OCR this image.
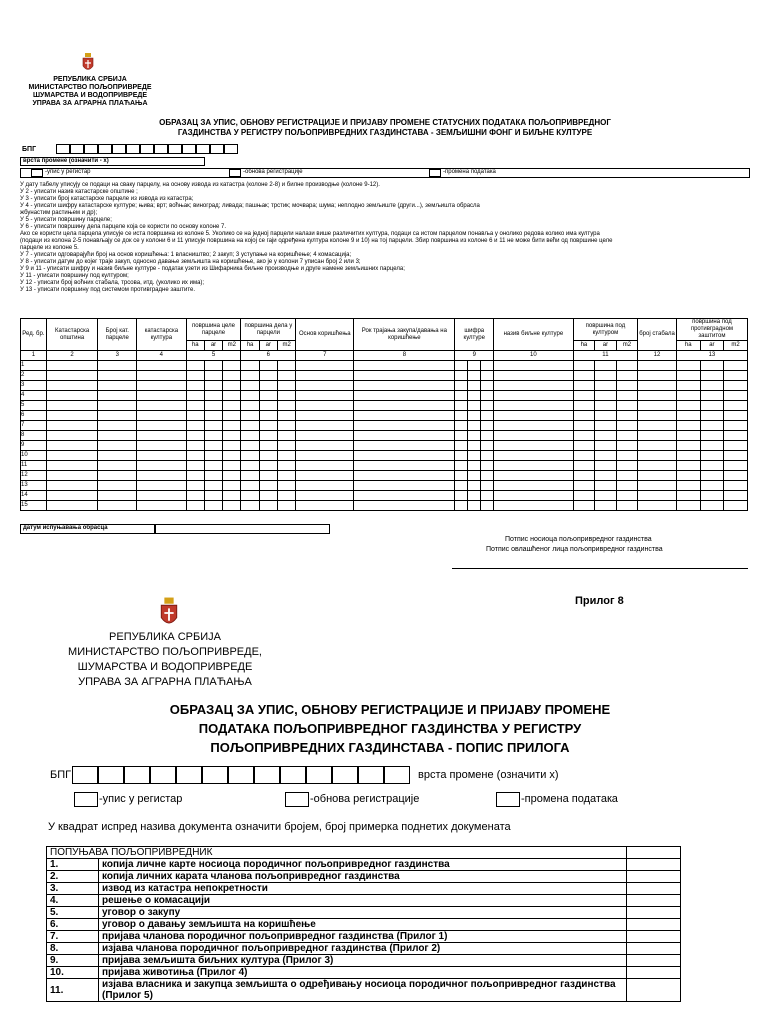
РЕПУБЛИКА СРБИЈА
МИНИСТАРСТВО ПОЉОПРИВРЕДЕ
ШУМАРСТВА И ВОДОПРИВРЕДЕ
УПРАВА ЗА АГРАРНА ПЛАЋАЊА
ОБРАЗАЦ ЗА УПИС, ОБНОВУ РЕГИСТРАЦИЈЕ И ПРИЈАВУ ПРОМЕНЕ СТАТУСНИХ ПОДАТАКА ПОЉОПРИВРЕДНОГ
ГАЗДИНСТВА У РЕГИСТРУ ПОЉОПРИВРЕДНИХ ГАЗДИНСТАВА - ЗЕМЉИШНИ ФОНГ И БИЉНЕ КУЛТУРЕ
БПГ
врста промене (означити - х)
-упис у регистар	-обнова регистрације	-промена податакa
У дату табелу уписују се подаци на сваку парцелу, на основу извода из катастра (колоне 2-8) и билне производње (колоне 9-12).
У 2 - уписати назив катастарске општине ;
У 3 - уписати број катастарске парцеле из извода из катастра;
У 4 - уписати шифру катастарске културе; њива; врт; воћњак; виноград; ливада; пашњак; трстик; мочвара; шума; неплодно земљиште (други...), земљишта обрасла
жбунастим растињем и др);
У 5 - уписати површину парцеле;
У 6 - уписати површину дела парцеле која се користи по основу колоне 7.
Ако се користи цела парцела уписује се иста површина из колоне 5. Уколико се на једној парцели налази више различитих култура, подаци са истом парцелом понавља у онолико редова колико има култура
(подаци из колона 2-5 понављају се док се у колони 6 и 11 уписује површина на којој се гаји одређена култура колоне 9 и 10) на тој парцели. Збир површина из колоне 6 и 11 не може бити већи од површине целе
парцеле из колоне 5.
У 7 - уписати одговарајући број на основ коришћења: 1 власништво; 2 закуп; 3 уступање на коришћење; 4 комасација;
У 8 - уписати датум до којег траје закуп, односно давање земљишта на коришћење, ако је у колони 7 уписан број 2 или 3;
У 9 и 11 - уписати шифру и назив биљне културе - податак узети из Шифарника биљне производње и друге намене земљишних парцела;
У 11 - уписати површину под културом;
У 12 - уписати број воћних стабала, трсова, итд. (уколико их има);
У 13 - уписати површину под системом противградне заштите.
Ред. бр.	Катастарска општина	Број кат. парцеле	катастарска култура	површина целе парцеле			површина дела у парцели			Основ коришћења	Рок трајања закупа/давања на коришћење	шифра културе			назив биљне културе	површина под културом			број стабала	површина под противградном заштитом		
				ha	ar	m2	ha	ar	m2							ha	ar	m2		ha	ar	m2
1	2	3	4	5			6			7	8	9			10	11			12	13		
1																						
2																						
3																						
4																						
5																						
6																						
7																						
8																						
9																						
10																						
11																						
12																						
13																						
14																						
15																						
датум испуњавања обрасца
Потпис носиоца пољопривредног газдинства
Потпис овлашћеног лица пољопривредног газдинства
Прилог 8
РЕПУБЛИКА СРБИЈА
МИНИСТАРСТВО ПОЉОПРИВРЕДЕ,
ШУМАРСТВА И ВОДОПРИВРЕДЕ
УПРАВА ЗА АГРАРНА ПЛАЋАЊА
ОБРАЗАЦ ЗА УПИС, ОБНОВУ РЕГИСТРАЦИЈЕ И ПРИЈАВУ ПРОМЕНЕ
ПОДАТАКА ПОЉОПРИВРЕДНОГ ГАЗДИНСТВА У РЕГИСТРУ
ПОЉОПРИВРЕДНИХ ГАЗДИНСТАВА - ПОПИС ПРИЛОГА
БПГ	врста промене (означити х)
-упис у регистар	-обнова регистрације	-промена податакa
У квадрат испред назива документа означити бројем, број примерка поднетих докумената
ПОПУЊАВА ПОЉОПРИВРЕДНИК		
1.	копија личне карте носиоца породичног пољопривредног газдинства	
2.	копија личних карата чланова пољопривредног газдинства	
3.	извод из катастра непокретности	
4.	решење о комасацији	
5.	уговор о закупу	
6.	уговор о давању земљишта на коришћење	
7.	пријава чланова породичног пољопривредног газдинства (Прилог 1)	
8.	изјава чланова породичног пољопривредног газдинства (Прилог 2)	
9.	пријава земљишта биљних култура (Прилог 3)	
10.	пријава животиња (Прилог 4)	
11.	изјава власника и закупца земљишта о одређивању носиоца породичног пољопривредног газдинства (Прилог 5)	
